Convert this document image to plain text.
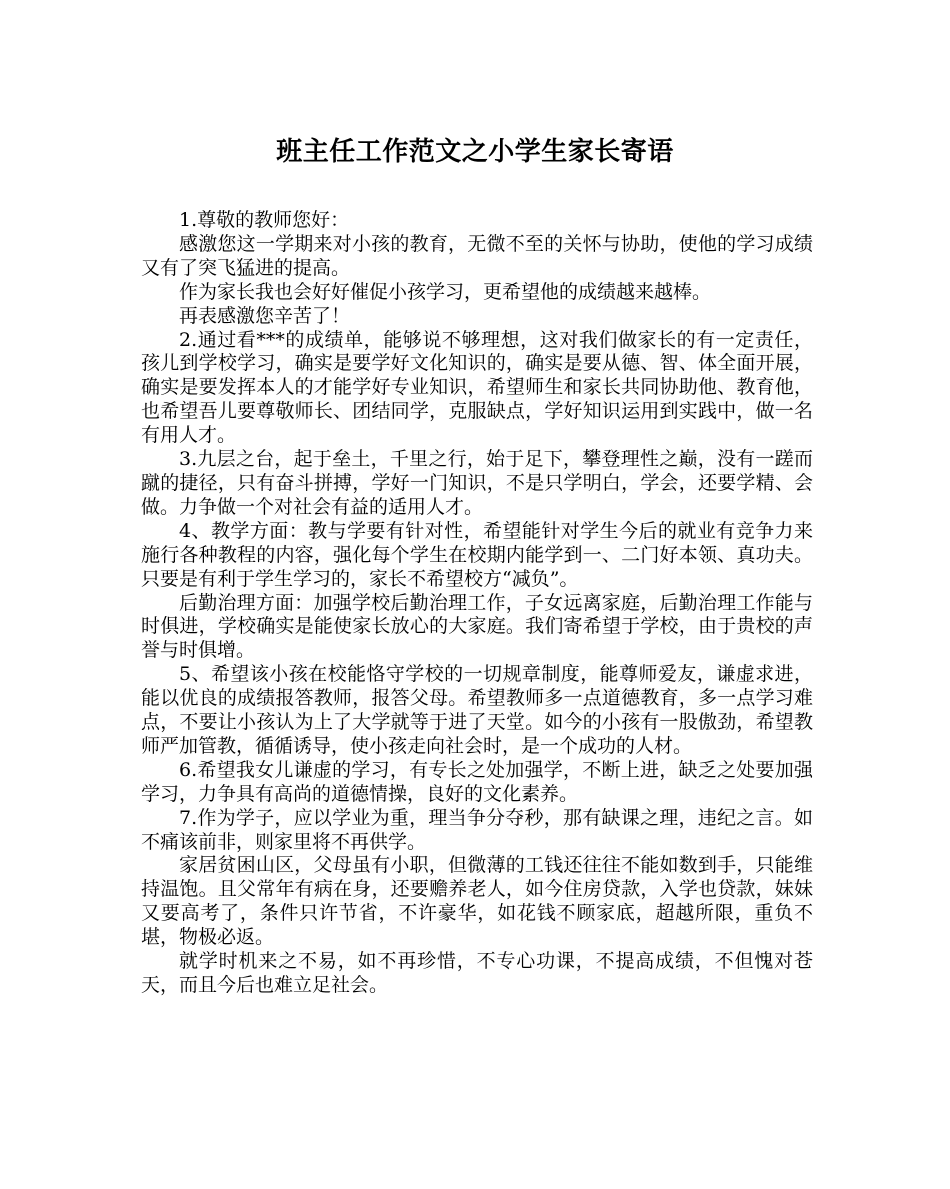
班主任工作范文之小学生家长寄语

1.尊敬的教师您好：

感激您这一学期来对小孩的教育，无微不至的关怀与协助，使他的学习成绩又有了突飞猛进的提高。

作为家长我也会好好催促小孩学习，更希望他的成绩越来越棒。

再表感激您辛苦了！

2.通过看***的成绩单，能够说不够理想，这对我们做家长的有一定责任，孩儿到学校学习，确实是要学好文化知识的，确实是要从德、智、体全面开展，确实是要发挥本人的才能学好专业知识，希望师生和家长共同协助他、教育他，也希望吾儿要尊敬师长、团结同学，克服缺点，学好知识运用到实践中，做一名有用人才。

3.九层之台，起于垒土，千里之行，始于足下，攀登理性之巅，没有一蹉而蹴的捷径，只有奋斗拼搏，学好一门知识，不是只学明白，学会，还要学精、会做。力争做一个对社会有益的适用人才。

4、教学方面：教与学要有针对性，希望能针对学生今后的就业有竞争力来施行各种教程的内容，强化每个学生在校期内能学到一、二门好本领、真功夫。只要是有利于学生学习的，家长不希望校方“减负”。

后勤治理方面：加强学校后勤治理工作，子女远离家庭，后勤治理工作能与时俱进，学校确实是能使家长放心的大家庭。我们寄希望于学校，由于贵校的声誉与时俱增。

5、希望该小孩在校能恪守学校的一切规章制度，能尊师爱友，谦虚求进，能以优良的成绩报答教师，报答父母。希望教师多一点道德教育，多一点学习难点，不要让小孩认为上了大学就等于进了天堂。如今的小孩有一股傲劲，希望教师严加管教，循循诱导，使小孩走向社会时，是一个成功的人材。

6.希望我女儿谦虚的学习，有专长之处加强学，不断上进，缺乏之处要加强学习，力争具有高尚的道德情操，良好的文化素养。

7.作为学子，应以学业为重，理当争分夺秒，那有缺课之理，违纪之言。如不痛该前非，则家里将不再供学。

家居贫困山区，父母虽有小职，但微薄的工钱还往往不能如数到手，只能维持温饱。且父常年有病在身，还要赡养老人，如今住房贷款，入学也贷款，妹妹又要高考了，条件只许节省，不许豪华，如花钱不顾家底，超越所限，重负不堪，物极必返。

就学时机来之不易，如不再珍惜，不专心功课，不提高成绩，不但愧对苍天，而且今后也难立足社会。
